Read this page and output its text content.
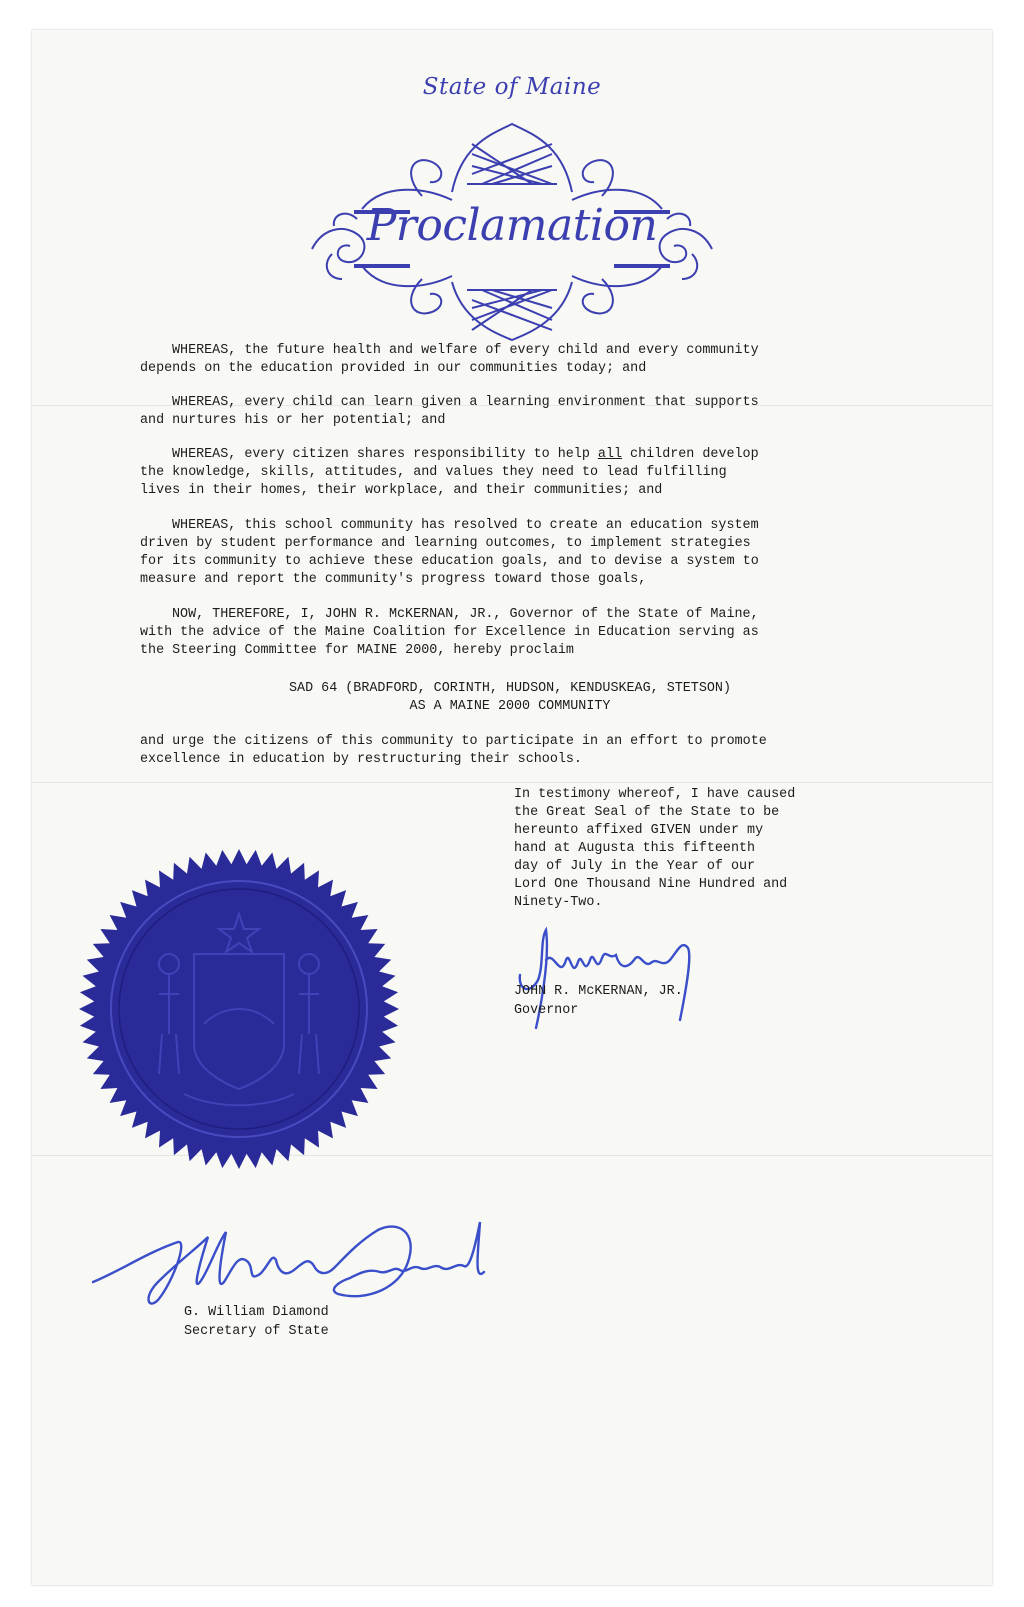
State of Maine
Proclamation
WHEREAS, the future health and welfare of every child and every community
depends on the education provided in our communities today; and
WHEREAS, every child can learn given a learning environment that supports
and nurtures his or her potential; and
WHEREAS, every citizen shares responsibility to help all children develop
the knowledge, skills, attitudes, and values they need to lead fulfilling
lives in their homes, their workplace, and their communities; and
WHEREAS, this school community has resolved to create an education system
driven by student performance and learning outcomes, to implement strategies
for its community to achieve these education goals, and to devise a system to
measure and report the community's progress toward those goals,
NOW, THEREFORE, I, JOHN R. McKERNAN, JR., Governor of the State of Maine,
with the advice of the Maine Coalition for Excellence in Education serving as
the Steering Committee for MAINE 2000, hereby proclaim
SAD 64 (BRADFORD, CORINTH, HUDSON, KENDUSKEAG, STETSON)
AS A MAINE 2000 COMMUNITY
and urge the citizens of this community to participate in an effort to promote
excellence in education by restructuring their schools.
In testimony whereof, I have caused
the Great Seal of the State to be
hereunto affixed GIVEN under my
hand at Augusta this fifteenth
day of July in the Year of our
Lord One Thousand Nine Hundred and
Ninety-Two.
JOHN R. McKERNAN, JR.
Governor
G. William Diamond
Secretary of State
